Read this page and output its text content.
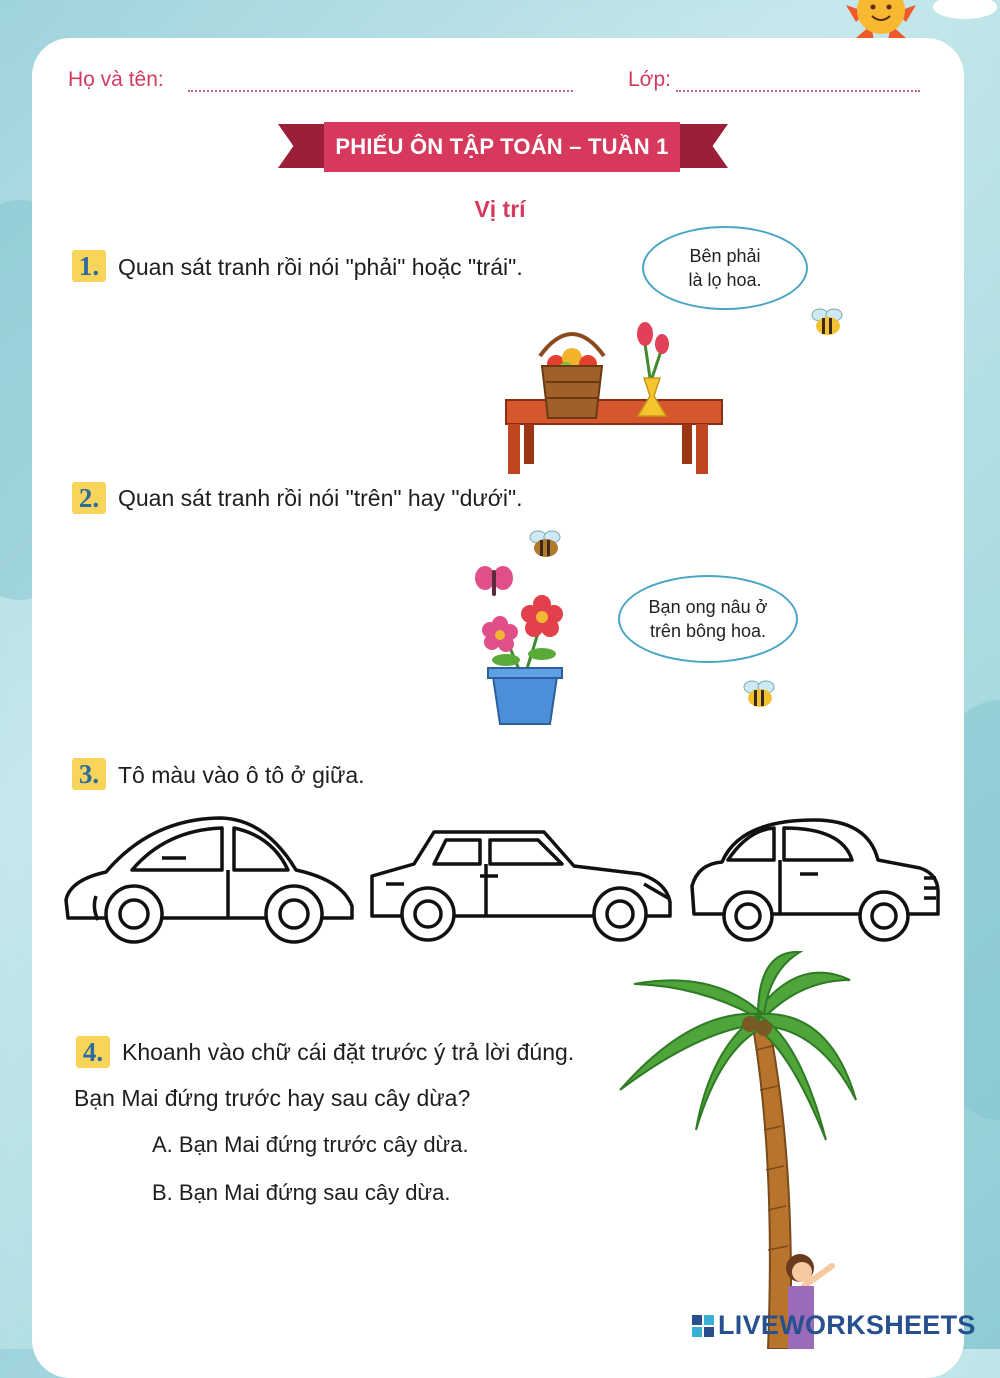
Họ và tên:	Lớp:
PHIẾU ÔN TẬP TOÁN – TUẦN 1
Vị trí
1. Quan sát tranh rồi nói "phải" hoặc "trái".	Bên phải
là lọ hoa.
2. Quan sát tranh rồi nói "trên" hay "dưới".
Bạn ong nâu ở
trên bông hoa.
3. Tô màu vào ô tô ở giữa.
4. Khoanh vào chữ cái đặt trước ý trả lời đúng.
Bạn Mai đứng trước hay sau cây dừa?
A. Bạn Mai đứng trước cây dừa.
B. Bạn Mai đứng sau cây dừa.
LIVEWORKSHEETS
